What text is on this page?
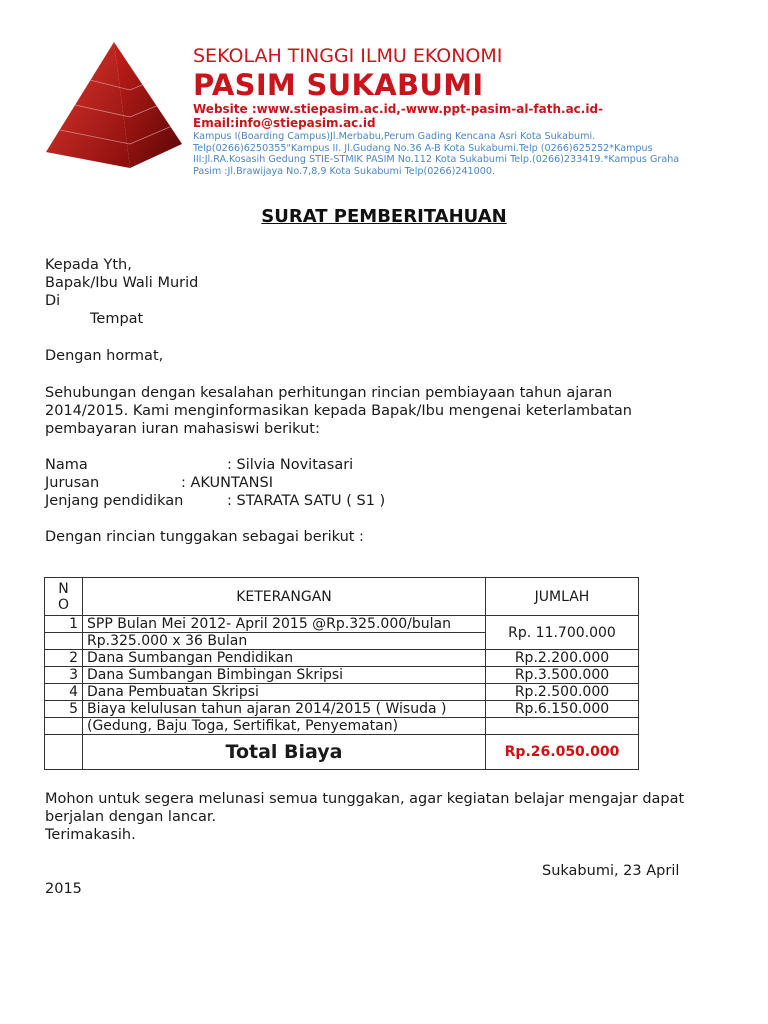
SEKOLAH TINGGI ILMU EKONOMI
PASIM SUKABUMI
Website :www.stiepasim.ac.id,-www.ppt-pasim-al-fath.ac.id-
Email:info@stiepasim.ac.id
Kampus I(Boarding Campus)Jl.Merbabu,Perum Gading Kencana Asri Kota Sukabumi.
Telp(0266)6250355"Kampus II. Jl.Gudang No.36 A-B Kota Sukabumi.Telp (0266)625252*Kampus
III:Jl.RA.Kosasih Gedung STIE-STMIK PASIM No.112 Kota Sukabumi Telp.(0266)233419.*Kampus Graha
Pasim :Jl.Brawijaya No.7,8,9 Kota Sukabumi Telp(0266)241000.
SURAT PEMBERITAHUAN
Kepada Yth,
Bapak/Ibu Wali Murid
Di
Tempat
Dengan hormat,
Sehubungan dengan kesalahan perhitungan rincian pembiayaan tahun ajaran
2014/2015. Kami menginformasikan kepada Bapak/Ibu mengenai keterlambatan
pembayaran iuran mahasiswi berikut:
Nama	: Silvia Novitasari
Jurusan	: AKUNTANSI
Jenjang pendidikan	: STARATA SATU ( S1 )
Dengan rincian tunggakan sebagai berikut :
N
O	KETERANGAN	JUMLAH
1	SPP Bulan Mei 2012- April 2015 @Rp.325.000/bulan	Rp. 11.700.000
	Rp.325.000 x 36 Bulan	
2	Dana Sumbangan Pendidikan	Rp.2.200.000
3	Dana Sumbangan Bimbingan Skripsi	Rp.3.500.000
4	Dana Pembuatan Skripsi	Rp.2.500.000
5	Biaya kelulusan tahun ajaran 2014/2015 ( Wisuda )	Rp.6.150.000
	(Gedung, Baju Toga, Sertifikat, Penyematan)	
	Total Biaya	Rp.26.050.000
Mohon untuk segera melunasi semua tunggakan, agar kegiatan belajar mengajar dapat
berjalan dengan lancar.
Terimakasih.
Sukabumi, 23 April
2015
